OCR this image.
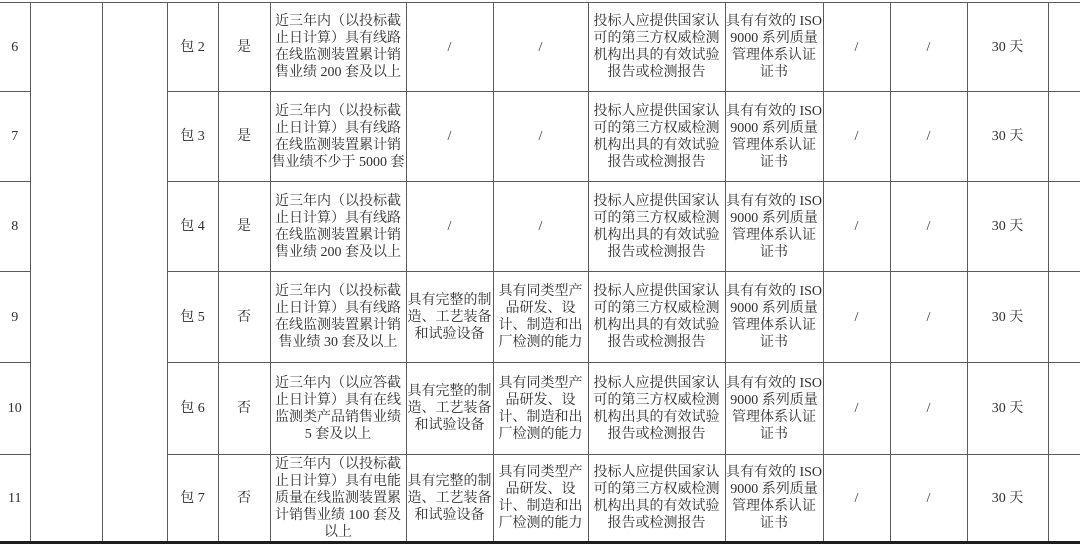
6			包 2	是	近三年内（以投标截止日计算）具有线路在线监测装置累计销售业绩 200 套及以上	/	/	投标人应提供国家认可的第三方权威检测机构出具的有效试验报告或检测报告	具有有效的 ISO9000 系列质量管理体系认证证书	/	/	30 天	
7			包 3	是	近三年内（以投标截止日计算）具有线路在线监测装置累计销售业绩不少于 5000 套	/	/	投标人应提供国家认可的第三方权威检测机构出具的有效试验报告或检测报告	具有有效的 ISO9000 系列质量管理体系认证证书	/	/	30 天	
8			包 4	是	近三年内（以投标截止日计算）具有线路在线监测装置累计销售业绩 200 套及以上	/	/	投标人应提供国家认可的第三方权威检测机构出具的有效试验报告或检测报告	具有有效的 ISO9000 系列质量管理体系认证证书	/	/	30 天	
9			包 5	否	近三年内（以投标截止日计算）具有线路在线监测装置累计销售业绩 30 套及以上	具有完整的制造、工艺装备和试验设备	具有同类型产品研发、设计、制造和出厂检测的能力	投标人应提供国家认可的第三方权威检测机构出具的有效试验报告或检测报告	具有有效的 ISO9000 系列质量管理体系认证证书	/	/	30 天	
10			包 6	否	近三年内（以应答截止日计算）具有在线监测类产品销售业绩 5 套及以上	具有完整的制造、工艺装备和试验设备	具有同类型产品研发、设计、制造和出厂检测的能力	投标人应提供国家认可的第三方权威检测机构出具的有效试验报告或检测报告	具有有效的 ISO9000 系列质量管理体系认证证书	/	/	30 天	
11			包 7	否	近三年内（以投标截止日计算）具有电能质量在线监测装置累计销售业绩 100 套及以上	具有完整的制造、工艺装备和试验设备	具有同类型产品研发、设计、制造和出厂检测的能力	投标人应提供国家认可的第三方权威检测机构出具的有效试验报告或检测报告	具有有效的 ISO9000 系列质量管理体系认证证书	/	/	30 天	
